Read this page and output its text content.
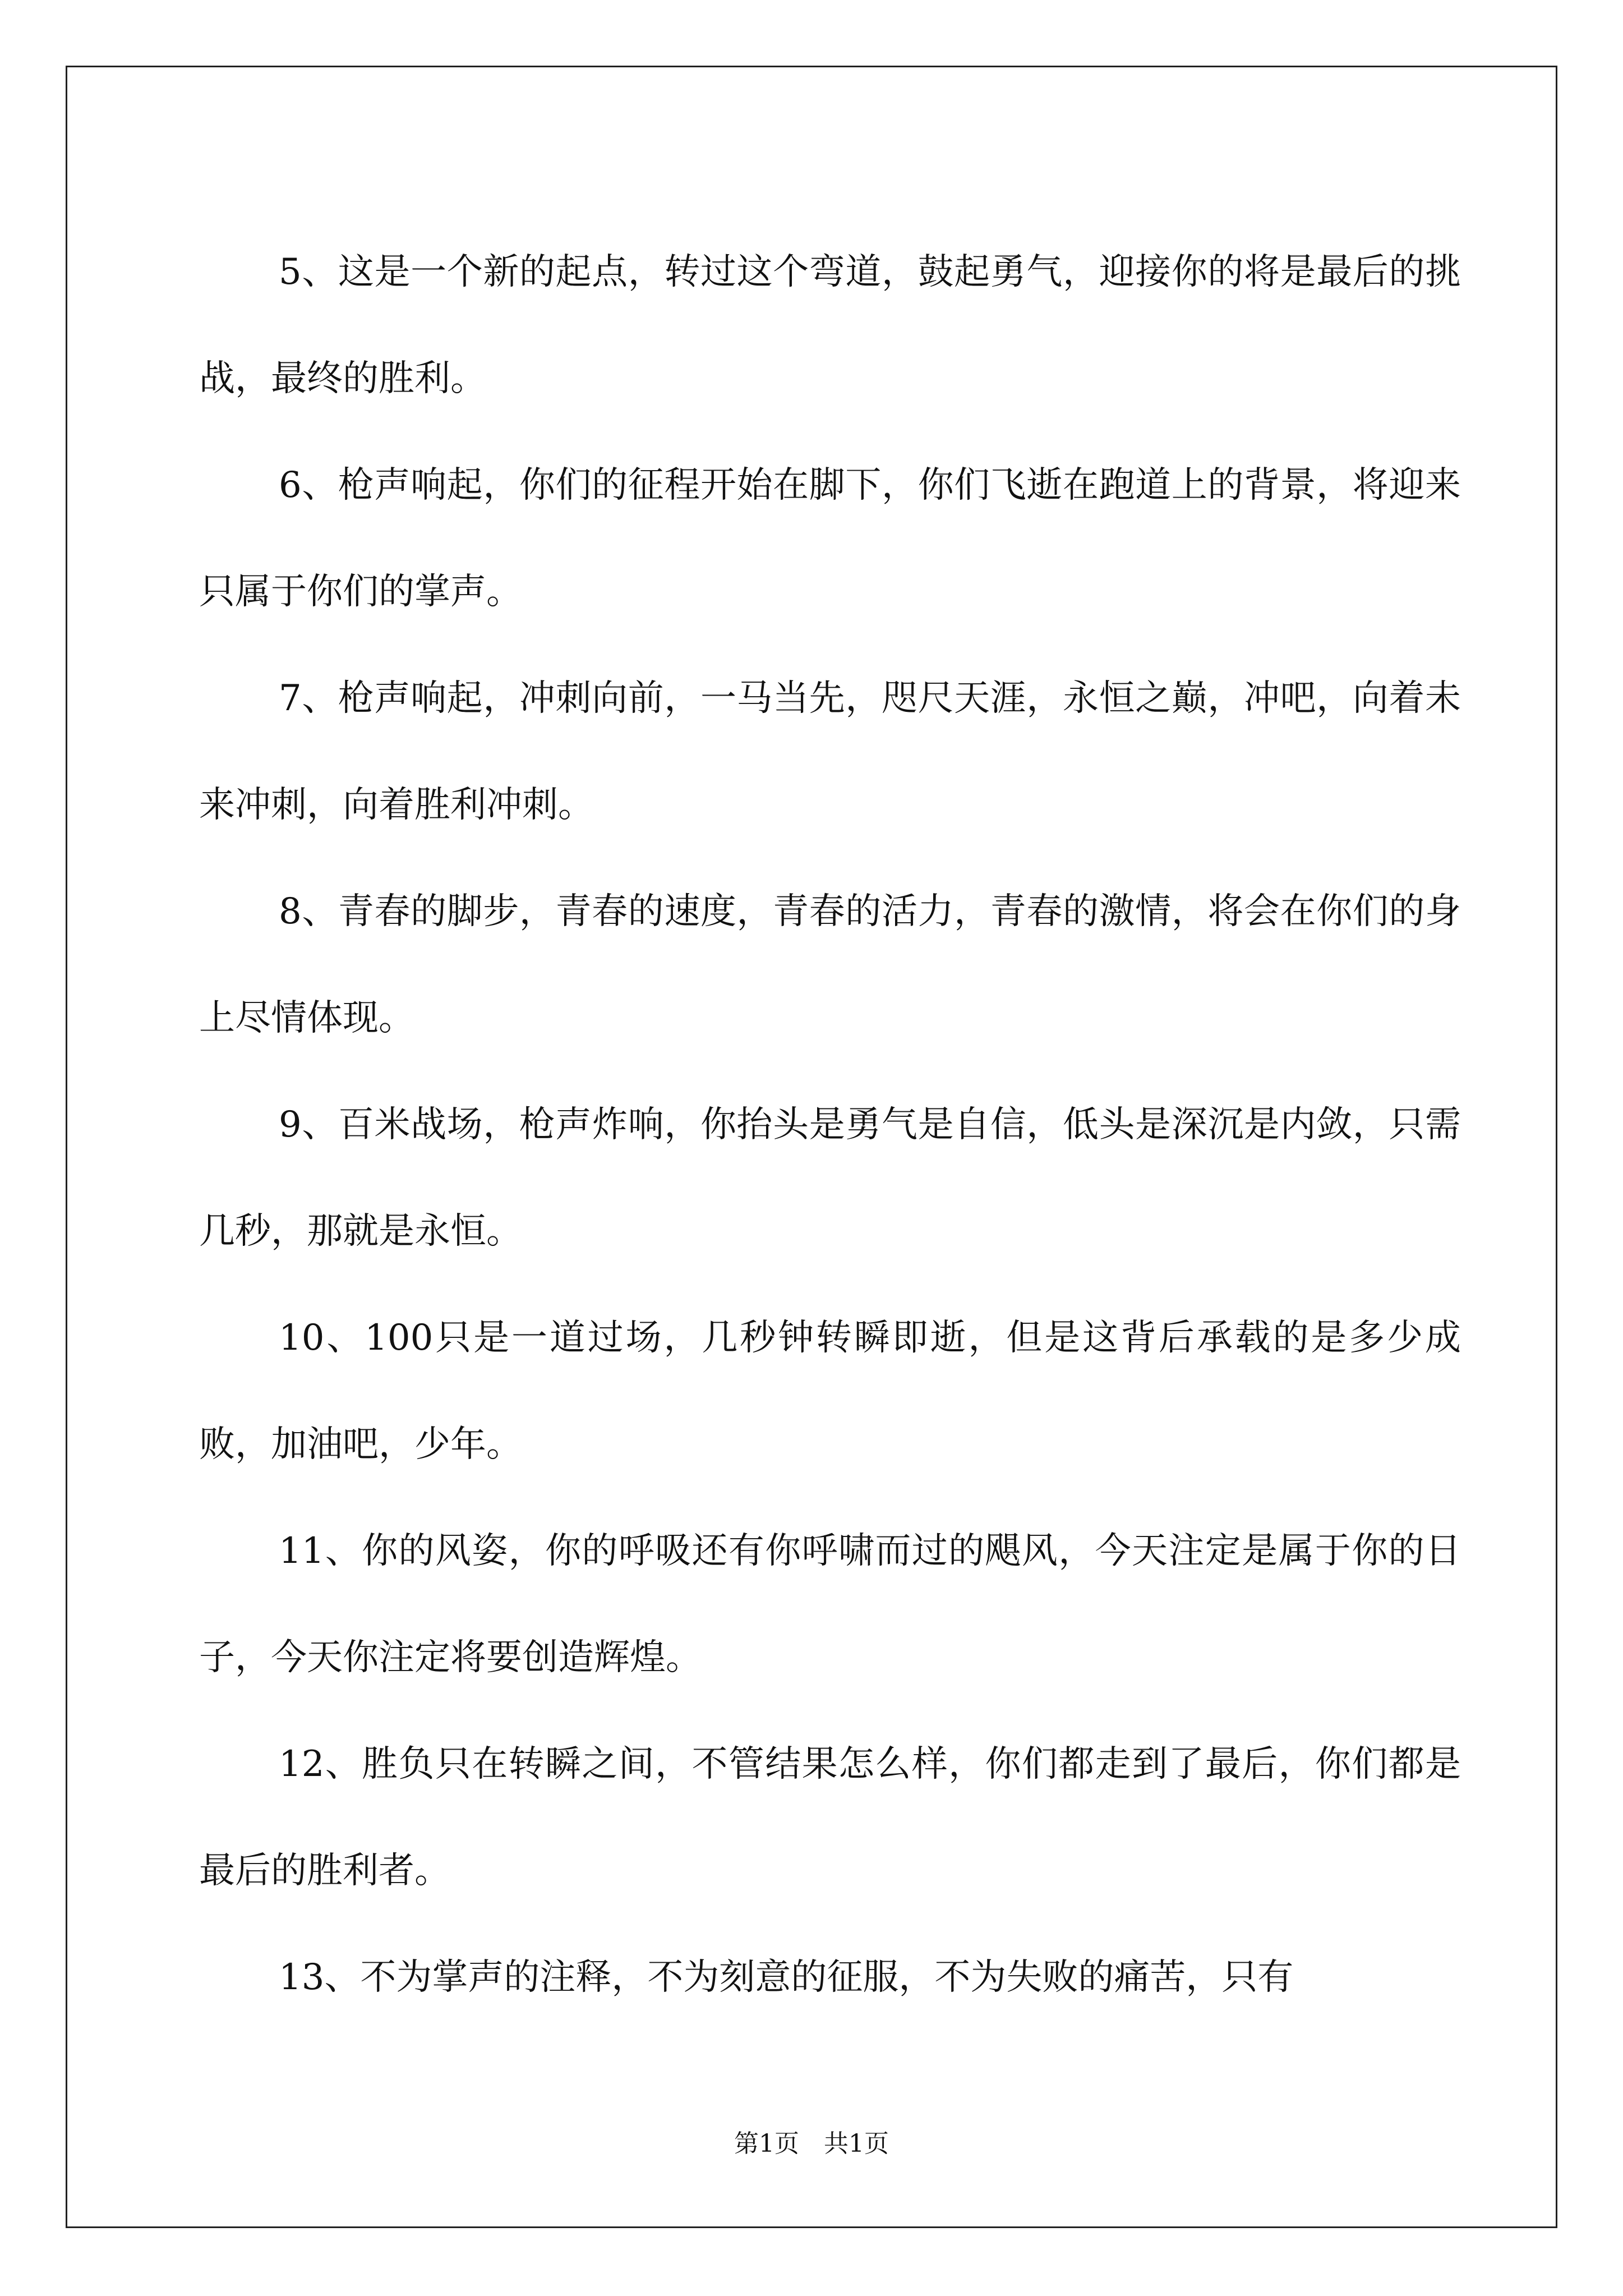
5、这是一个新的起点，转过这个弯道，鼓起勇气，迎接你的将是最后的挑战，最终的胜利。

6、枪声响起，你们的征程开始在脚下，你们飞逝在跑道上的背景，将迎来只属于你们的掌声。

7、枪声响起，冲刺向前，一马当先，咫尺天涯，永恒之巅，冲吧，向着未来冲刺，向着胜利冲刺。

8、青春的脚步，青春的速度，青春的活力，青春的激情，将会在你们的身上尽情体现。

9、百米战场，枪声炸响，你抬头是勇气是自信，低头是深沉是内敛，只需几秒，那就是永恒。

10、100只是一道过场，几秒钟转瞬即逝，但是这背后承载的是多少成败，加油吧，少年。

11、你的风姿，你的呼吸还有你呼啸而过的飓风，今天注定是属于你的日子，今天你注定将要创造辉煌。

12、胜负只在转瞬之间，不管结果怎么样，你们都走到了最后，你们都是最后的胜利者。

13、不为掌声的注释，不为刻意的征服，不为失败的痛苦，只有

第1页　共1页
